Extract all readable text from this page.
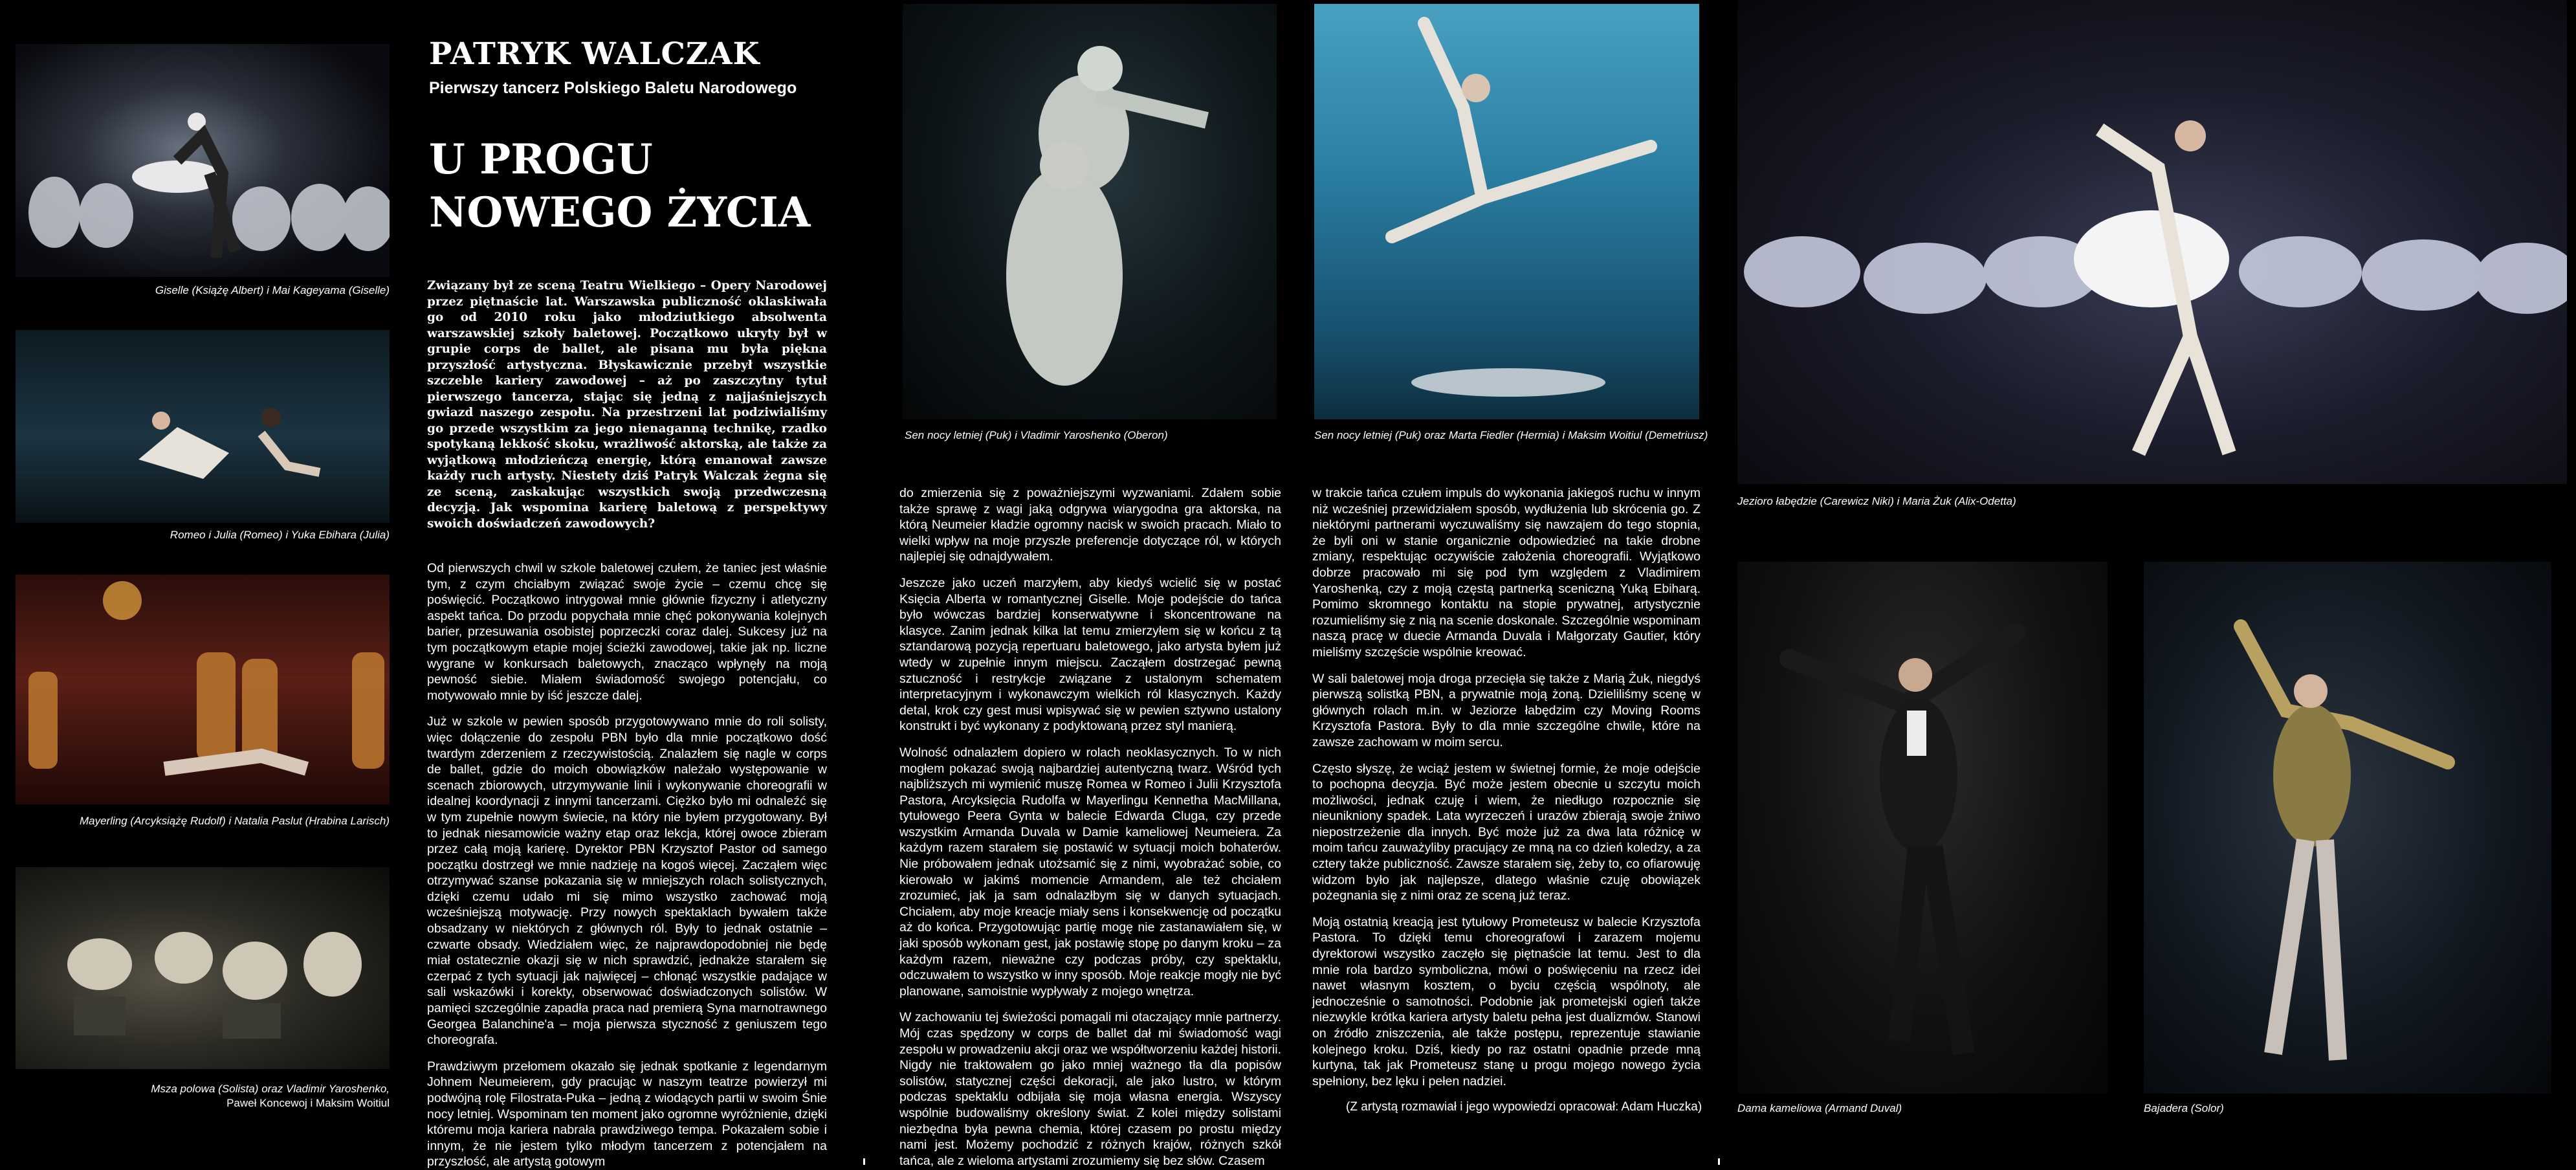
Giselle (Książę Albert) i Mai Kageyama (Giselle)
Romeo i Julia (Romeo) i Yuka Ebihara (Julia)
Mayerling (Arcyksiążę Rudolf) i Natalia Paslut (Hrabina Larisch)
Msza polowa (Solista) oraz Vladimir Yaroshenko,
Paweł Koncewoj i Maksim Woitiul
PATRYK WALCZAK
Pierwszy tancerz Polskiego Baletu Narodowego
U PROGU
NOWEGO ŻYCIA
Związany był ze sceną Teatru Wielkiego – Opery Narodowej przez piętnaście lat. Warszawska publiczność oklaskiwała go od 2010 roku jako młodziutkiego absolwenta warszawskiej szkoły baletowej. Początkowo ukryty był w grupie corps de ballet, ale pisana mu była piękna przyszłość artystyczna. Błyskawicznie przebył wszystkie szczeble kariery zawodowej – aż po zaszczytny tytuł pierwszego tancerza, stając się jedną z najjaśniejszych gwiazd naszego zespołu. Na przestrzeni lat podziwialiśmy go przede wszystkim za jego nienaganną technikę, rzadko spotykaną lekkość skoku, wrażliwość aktorską, ale także za wyjątkową młodzieńczą energię, którą emanował zawsze każdy ruch artysty. Niestety dziś Patryk Walczak żegna się ze sceną, zaskakując wszystkich swoją przedwczesną decyzją. Jak wspomina karierę baletową z perspektywy swoich doświadczeń zawodowych?

Od pierwszych chwil w szkole baletowej czułem, że taniec jest właśnie tym, z czym chciałbym związać swoje życie – czemu chcę się poświęcić. Początkowo intrygował mnie głównie fizyczny i atletyczny aspekt tańca. Do przodu popychała mnie chęć pokonywania kolejnych barier, przesuwania osobistej poprzeczki coraz dalej. Sukcesy już na tym początkowym etapie mojej ścieżki zawodowej, takie jak np. liczne wygrane w konkursach baletowych, znacząco wpłynęły na moją pewność siebie. Miałem świadomość swojego potencjału, co motywowało mnie by iść jeszcze dalej.

Już w szkole w pewien sposób przygotowywano mnie do roli solisty, więc dołączenie do zespołu PBN było dla mnie początkowo dość twardym zderzeniem z rzeczywistością. Znalazłem się nagle w corps de ballet, gdzie do moich obowiązków należało występowanie w scenach zbiorowych, utrzymywanie linii i wykonywanie choreografii w idealnej koordynacji z innymi tancerzami. Ciężko było mi odnaleźć się w tym zupełnie nowym świecie, na który nie byłem przygotowany. Był to jednak niesamowicie ważny etap oraz lekcja, której owoce zbieram przez całą moją karierę. Dyrektor PBN Krzysztof Pastor od samego początku dostrzegł we mnie nadzieję na kogoś więcej. Zacząłem więc otrzymywać szanse pokazania się w mniejszych rolach solistycznych, dzięki czemu udało mi się mimo wszystko zachować moją wcześniejszą motywację. Przy nowych spektaklach bywałem także obsadzany w niektórych z głównych ról. Były to jednak ostatnie – czwarte obsady. Wiedziałem więc, że najprawdopodobniej nie będę miał ostatecznie okazji się w nich sprawdzić, jednakże starałem się czerpać z tych sytuacji jak najwięcej – chłonąć wszystkie padające w sali wskazówki i korekty, obserwować doświadczonych solistów. W pamięci szczególnie zapadła praca nad premierą Syna marnotrawnego Georgea Balanchine'a – moja pierwsza styczność z geniuszem tego choreografa.

Prawdziwym przełomem okazało się jednak spotkanie z legendarnym Johnem Neumeierem, gdy pracując w naszym teatrze powierzył mi podwójną rolę Filostrata-Puka – jedną z wiodących partii w swoim Śnie nocy letniej. Wspominam ten moment jako ogromne wyróżnienie, dzięki któremu moja kariera nabrała prawdziwego tempa. Pokazałem sobie i innym, że nie jestem tylko młodym tancerzem z potencjałem na przyszłość, ale artystą gotowym

Sen nocy letniej (Puk) i Vladimir Yaroshenko (Oberon)	Sen nocy letniej (Puk) oraz Marta Fiedler (Hermia) i Maksim Woitiul (Demetriusz)

do zmierzenia się z poważniejszymi wyzwaniami. Zdałem sobie także sprawę z wagi jaką odgrywa wiarygodna gra aktorska, na którą Neumeier kładzie ogromny nacisk w swoich pracach. Miało to wielki wpływ na moje przyszłe preferencje dotyczące ról, w których najlepiej się odnajdywałem.

Jeszcze jako uczeń marzyłem, aby kiedyś wcielić się w postać Księcia Alberta w romantycznej Giselle. Moje podejście do tańca było wówczas bardziej konserwatywne i skoncentrowane na klasyce. Zanim jednak kilka lat temu zmierzyłem się w końcu z tą sztandarową pozycją repertuaru baletowego, jako artysta byłem już wtedy w zupełnie innym miejscu. Zacząłem dostrzegać pewną sztuczność i restrykcje związane z ustalonym schematem interpretacyjnym i wykonawczym wielkich ról klasycznych. Każdy detal, krok czy gest musi wpisywać się w pewien sztywno ustalony konstrukt i być wykonany z podyktowaną przez styl manierą.

Wolność odnalazłem dopiero w rolach neoklasycznych. To w nich mogłem pokazać swoją najbardziej autentyczną twarz. Wśród tych najbliższych mi wymienić muszę Romea w Romeo i Julii Krzysztofa Pastora, Arcyksięcia Rudolfa w Mayerlingu Kennetha MacMillana, tytułowego Peera Gynta w balecie Edwarda Clugа, czy przede wszystkim Armanda Duvala w Damie kameliowej Neumeiera. Za każdym razem starałem się postawić w sytuacji moich bohaterów. Nie próbowałem jednak utożsamić się z nimi, wyobrażać sobie, co kierowało w jakimś momencie Armandem, ale też chciałem zrozumieć, jak ja sam odnalazłbym się w danych sytuacjach. Chciałem, aby moje kreacje miały sens i konsekwencję od początku aż do końca. Przygotowując partię mogę nie zastanawiałem się, w jaki sposób wykonam gest, jak postawię stopę po danym kroku – za każdym razem, nieważne czy podczas próby, czy spektaklu, odczuwałem to wszystko w inny sposób. Moje reakcje mogły nie być planowane, samoistnie wypływały z mojego wnętrza.

W zachowaniu tej świeżości pomagali mi otaczający mnie partnerzy. Mój czas spędzony w corps de ballet dał mi świadomość wagi zespołu w prowadzeniu akcji oraz we współtworzeniu każdej historii. Nigdy nie traktowałem go jako mniej ważnego tła dla popisów solistów, statycznej części dekoracji, ale jako lustro, w którym podczas spektaklu odbijała się moja własna energia. Wszyscy wspólnie budowaliśmy określony świat. Z kolei między solistami niezbędna była pewna chemia, której czasem po prostu między nami jest. Możemy pochodzić z różnych krajów, różnych szkół tańca, ale z wieloma artystami zrozumiemy się bez słów. Czasem

w trakcie tańca czułem impuls do wykonania jakiegoś ruchu w innym niż wcześniej przewidziałem sposób, wydłużenia lub skrócenia go. Z niektórymi partnerami wyczuwaliśmy się nawzajem do tego stopnia, że byli oni w stanie organicznie odpowiedzieć na takie drobne zmiany, respektując oczywiście założenia choreografii. Wyjątkowo dobrze pracowało mi się pod tym względem z Vladimirem Yaroshenką, czy z moją częstą partnerką sceniczną Yuką Ebiharą. Pomimo skromnego kontaktu na stopie prywatnej, artystycznie rozumieliśmy się z nią na scenie doskonale. Szczególnie wspominam naszą pracę w duecie Armanda Duvala i Małgorzaty Gautier, który mieliśmy szczęście wspólnie kreować.

W sali baletowej moja droga przecięła się także z Marią Żuk, niegdyś pierwszą solistką PBN, a prywatnie moją żoną. Dzieliliśmy scenę w głównych rolach m.in. w Jeziorze łabędzim czy Moving Rooms Krzysztofa Pastora. Były to dla mnie szczególne chwile, które na zawsze zachowam w moim sercu.

Często słyszę, że wciąż jestem w świetnej formie, że moje odejście to pochopna decyzja. Być może jestem obecnie u szczytu moich możliwości, jednak czuję i wiem, że niedługo rozpocznie się nieunikniony spadek. Lata wyrzeczeń i urazów zbierają swoje żniwo niepostrzeżenie dla innych. Być może już za dwa lata różnicę w moim tańcu zauważyliby pracujący ze mną na co dzień koledzy, a za cztery także publiczność. Zawsze starałem się, żeby to, co ofiarowuję widzom było jak najlepsze, dlatego właśnie czuję obowiązek pożegnania się z nimi oraz ze sceną już teraz.

Moją ostatnią kreacją jest tytułowy Prometeusz w balecie Krzysztofa Pastora. To dzięki temu choreografowi i zarazem mojemu dyrektorowi wszystko zaczęło się piętnaście lat temu. Jest to dla mnie rola bardzo symboliczna, mówi o poświęceniu na rzecz idei nawet własnym kosztem, o byciu częścią wspólnoty, ale jednocześnie o samotności. Podobnie jak prometejski ogień także niezwykle krótka kariera artysty baletu pełna jest dualizmów. Stanowi on źródło zniszczenia, ale także postępu, reprezentuje stawianie kolejnego kroku. Dziś, kiedy po raz ostatni opadnie przede mną kurtyna, tak jak Prometeusz stanę u progu mojego nowego życia spełniony, bez lęku i pełen nadziei.

(Z artystą rozmawiał i jego wypowiedzi opracował: Adam Huczka)
Jezioro łabędzie (Carewicz Niki) i Maria Żuk (Alix-Odetta)
Dama kameliowa (Armand Duval)	Bajadera (Solor)
